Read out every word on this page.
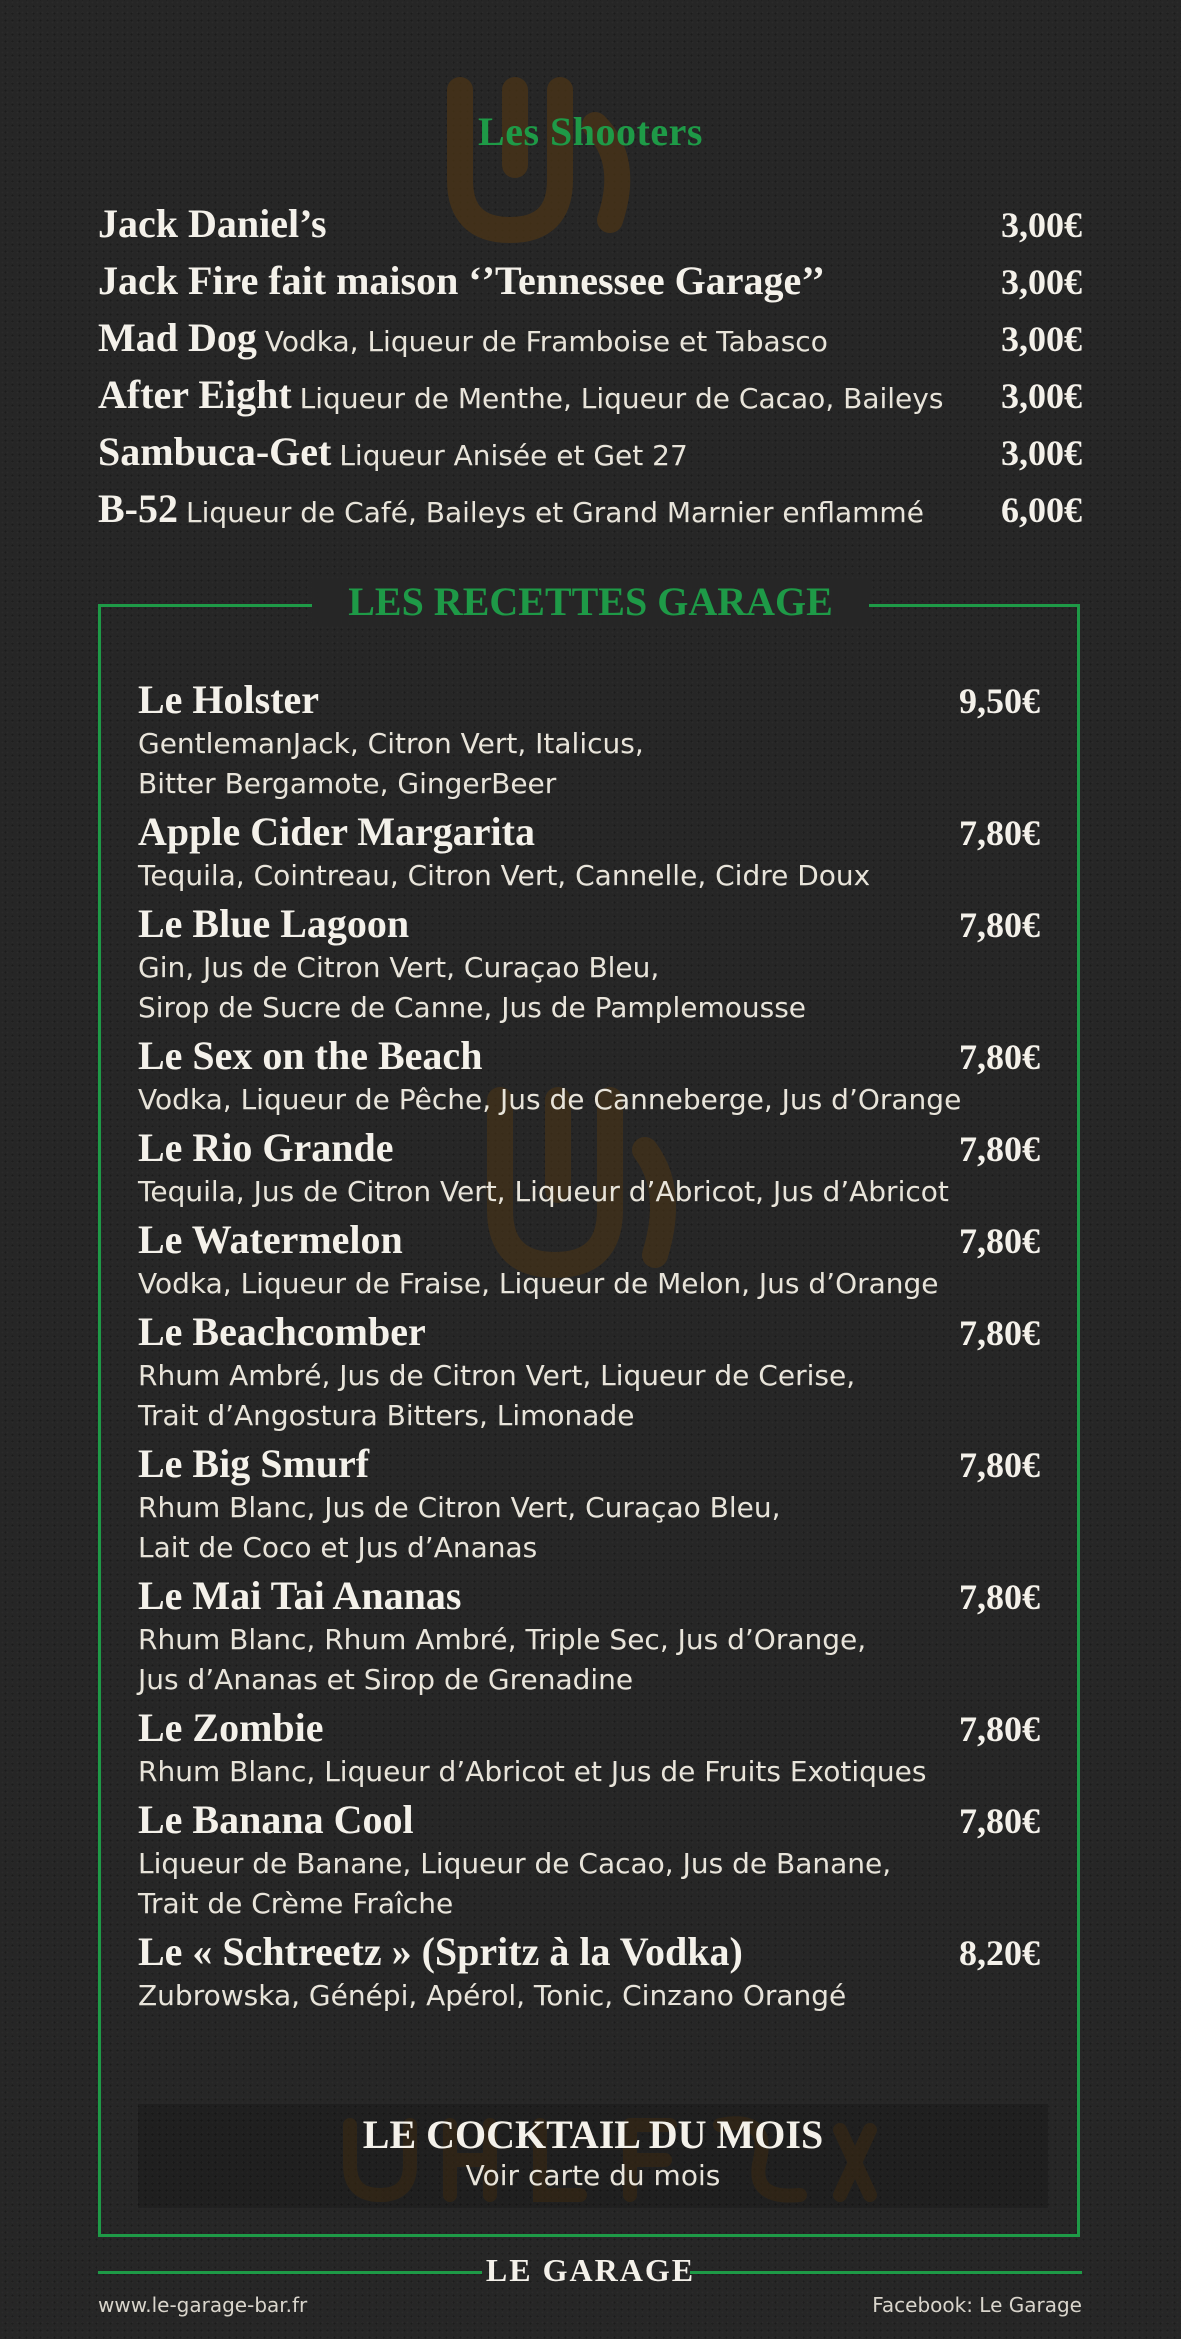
Les Shooters
Jack Daniel’s	3,00€
Jack Fire fait maison ‘’Tennessee Garage’’	3,00€
Mad Dog Vodka, Liqueur de Framboise et Tabasco	3,00€
After Eight Liqueur de Menthe, Liqueur de Cacao, Baileys 3,00€
Sambuca-Get Liqueur Anisée et Get 27	3,00€
B-52 Liqueur de Café, Baileys et Grand Marnier enflammé 6,00€
LES RECETTES GARAGE
Le Holster	9,50€
GentlemanJack, Citron Vert, Italicus,
Bitter Bergamote, GingerBeer
Apple Cider Margarita	7,80€
Tequila, Cointreau, Citron Vert, Cannelle, Cidre Doux
Le Blue Lagoon	7,80€
Gin, Jus de Citron Vert, Curaçao Bleu,
Sirop de Sucre de Canne, Jus de Pamplemousse
Le Sex on the Beach	7,80€
Vodka, Liqueur de Pêche, Jus de Canneberge, Jus d’Orange
Le Rio Grande	7,80€
Tequila, Jus de Citron Vert, Liqueur d’Abricot, Jus d’Abricot
Le Watermelon	7,80€
Vodka, Liqueur de Fraise, Liqueur de Melon, Jus d’Orange
Le Beachcomber	7,80€
Rhum Ambré, Jus de Citron Vert, Liqueur de Cerise,
Trait d’Angostura Bitters, Limonade
Le Big Smurf	7,80€
Rhum Blanc, Jus de Citron Vert, Curaçao Bleu,
Lait de Coco et Jus d’Ananas
Le Mai Tai Ananas	7,80€
Rhum Blanc, Rhum Ambré, Triple Sec, Jus d’Orange,
Jus d’Ananas et Sirop de Grenadine
Le Zombie	7,80€
Rhum Blanc, Liqueur d’Abricot et Jus de Fruits Exotiques
Le Banana Cool	7,80€
Liqueur de Banane, Liqueur de Cacao, Jus de Banane,
Trait de Crème Fraîche
Le « Schtreetz » (Spritz à la Vodka)	8,20€
Zubrowska, Génépi, Apérol, Tonic, Cinzano Orangé
LE COCKTAIL DU MOIS
Voir carte du mois
LE GARAGE
www.le-garage-bar.fr	Facebook: Le Garage
